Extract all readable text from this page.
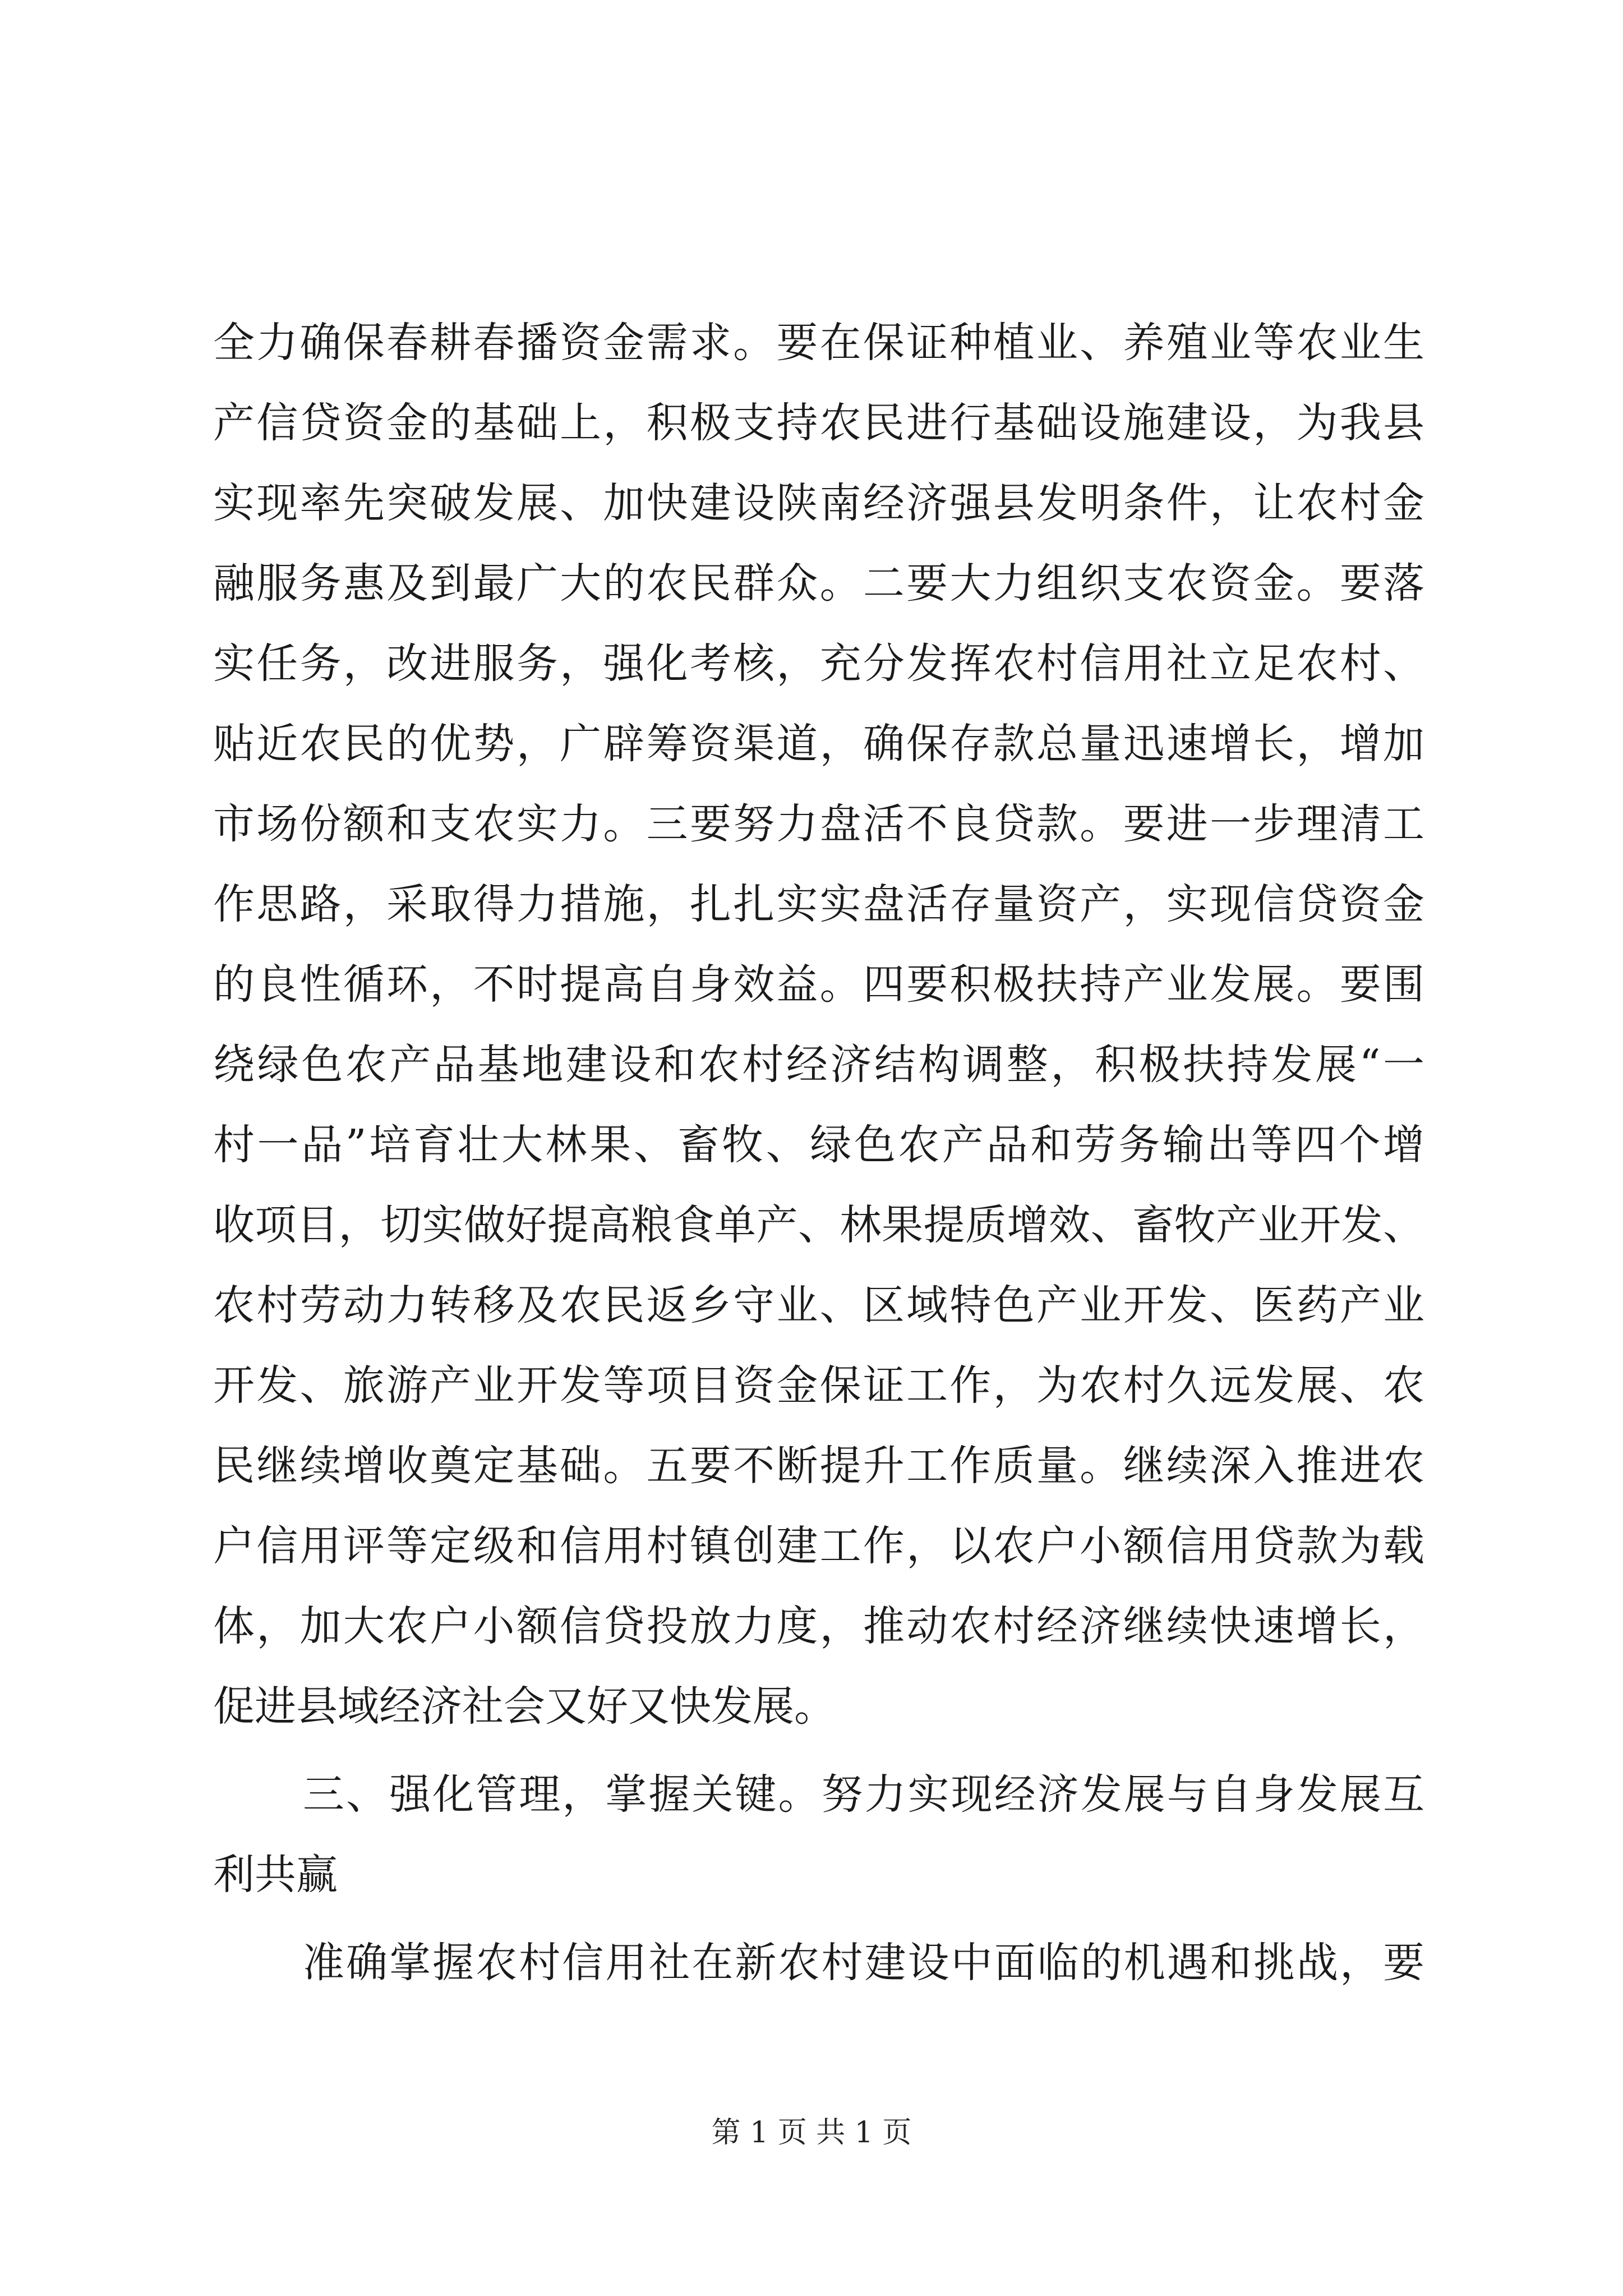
全力确保春耕春播资金需求。要在保证种植业、养殖业等农业生
产信贷资金的基础上，积极支持农民进行基础设施建设，为我县
实现率先突破发展、加快建设陕南经济强县发明条件，让农村金
融服务惠及到最广大的农民群众。二要大力组织支农资金。要落
实任务，改进服务，强化考核，充分发挥农村信用社立足农村、
贴近农民的优势，广辟筹资渠道，确保存款总量迅速增长，增加
市场份额和支农实力。三要努力盘活不良贷款。要进一步理清工
作思路，采取得力措施，扎扎实实盘活存量资产，实现信贷资金
的良性循环，不时提高自身效益。四要积极扶持产业发展。要围
绕绿色农产品基地建设和农村经济结构调整，积极扶持发展“一
村一品”培育壮大林果、畜牧、绿色农产品和劳务输出等四个增
收项目，切实做好提高粮食单产、林果提质增效、畜牧产业开发、
农村劳动力转移及农民返乡守业、区域特色产业开发、医药产业
开发、旅游产业开发等项目资金保证工作，为农村久远发展、农
民继续增收奠定基础。五要不断提升工作质量。继续深入推进农
户信用评等定级和信用村镇创建工作，以农户小额信用贷款为载
体，加大农户小额信贷投放力度，推动农村经济继续快速增长，
促进县域经济社会又好又快发展。
三、强化管理，掌握关键。努力实现经济发展与自身发展互
利共赢
准确掌握农村信用社在新农村建设中面临的机遇和挑战，要
第 1 页 共 1 页
